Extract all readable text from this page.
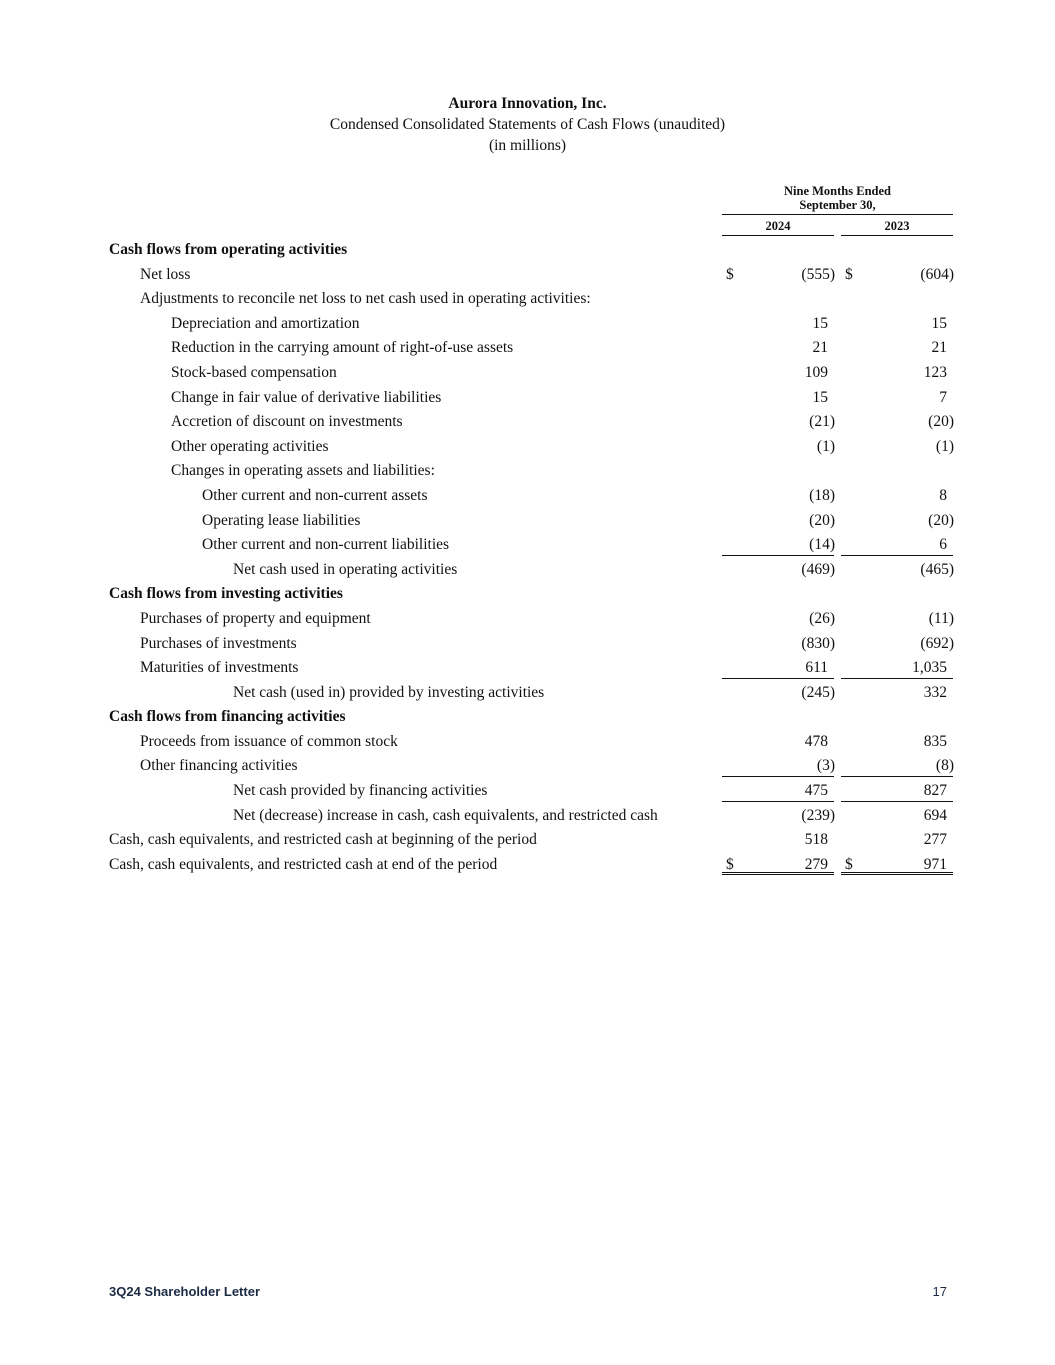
Aurora Innovation, Inc.
Condensed Consolidated Statements of Cash Flows (unaudited)
(in millions)
Nine Months Ended
September 30,
2024	2023
Cash flows from operating activities
Net loss	$	(555) $	(604)
Adjustments to reconcile net loss to net cash used in operating activities:
Depreciation and amortization	15	15
Reduction in the carrying amount of right-of-use assets	21	21
Stock-based compensation	109	123
Change in fair value of derivative liabilities	15	7
Accretion of discount on investments	(21)	(20)
Other operating activities	(1)	(1)
Changes in operating assets and liabilities:
Other current and non-current assets	(18)	8
Operating lease liabilities	(20)	(20)
Other current and non-current liabilities	(14)	6
Net cash used in operating activities	(469)	(465)
Cash flows from investing activities
Purchases of property and equipment	(26)	(11)
Purchases of investments	(830)	(692)
Maturities of investments	611	1,035
Net cash (used in) provided by investing activities	(245)	332
Cash flows from financing activities
Proceeds from issuance of common stock	478	835
Other financing activities	(3)	(8)
Net cash provided by financing activities	475	827
Net (decrease) increase in cash, cash equivalents, and restricted cash	(239)	694
Cash, cash equivalents, and restricted cash at beginning of the period	518	277
Cash, cash equivalents, and restricted cash at end of the period	$	279 $	971
3Q24 Shareholder Letter	17
